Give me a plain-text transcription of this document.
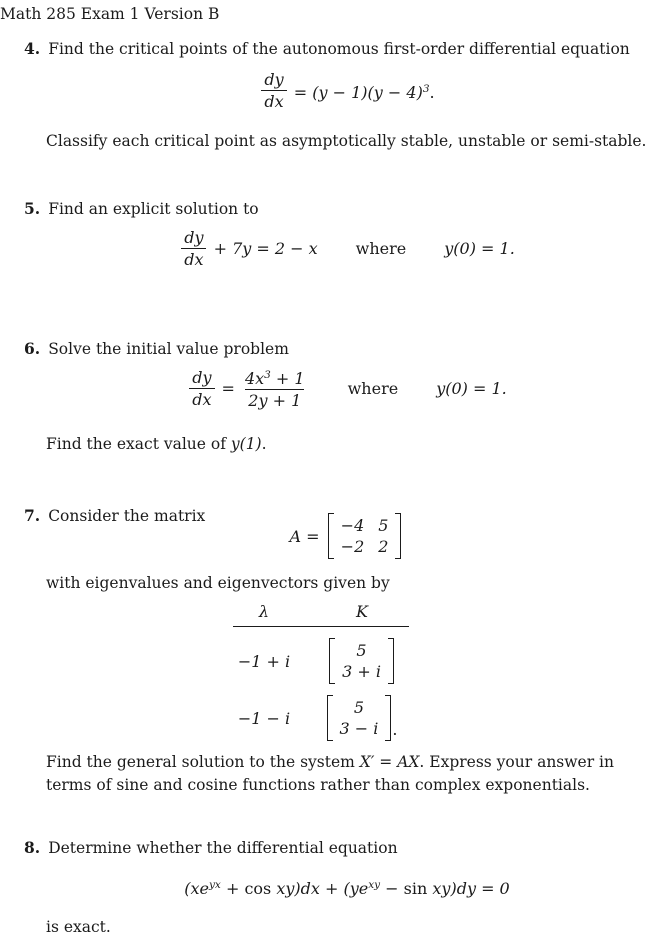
Math 285 Exam 1 Version B
4. Find the critical points of the autonomous first-order differential equation
$\frac{dy}{dx} = (y - 1)(y - 4)^3$.
Classify each critical point as asymptotically stable, unstable or semi-stable.
5. Find an explicit solution to
$\frac{dy}{dx} + 7y = 2 - x$ where y(0) = 1.
6. Solve the initial value problem
$\frac{dy}{dx} = \frac{4x^3 + 1}{2y + 1}$	where y(0) = 1.
Find the exact value of y(1).
7. Consider the matrix
A =
−4 5
−2 2
with eigenvalues and eigenvectors given by
λ	K
−1 + i
5
3 + i
−1 − i
5
3 − i .
Find the general solution to the system X′ = AX. Express your answer in terms of sine and cosine functions rather than complex exponentials.
8. Determine whether the differential equation
$(xe^{yx} + \cos xy)dx + (ye^{xy} - \sin xy)dy = 0$
is exact.
